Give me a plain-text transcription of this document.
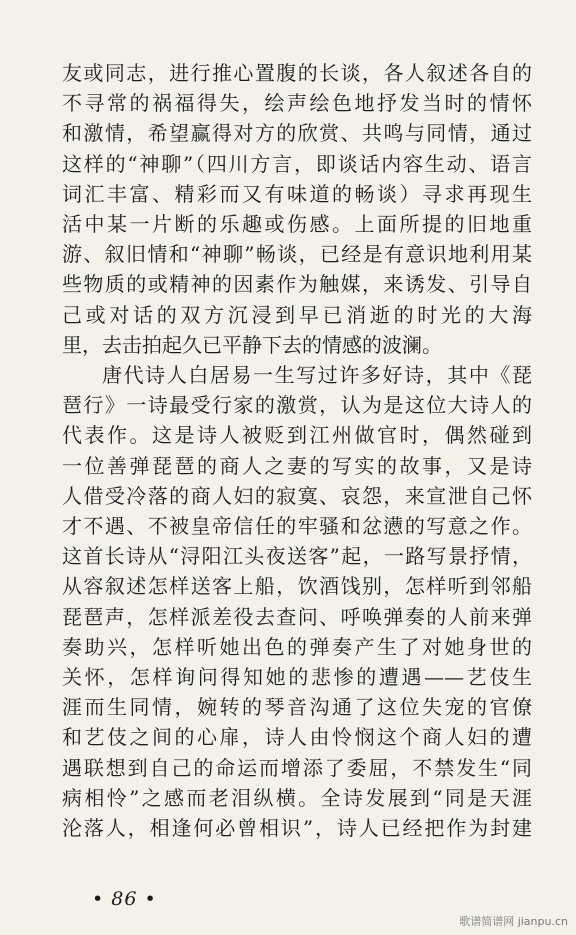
友或同志，进行推心置腹的长谈，各人叙述各自的
不寻常的祸福得失，绘声绘色地抒发当时的情怀
和激情，希望赢得对方的欣赏、共鸣与同情，通过
这样的“神聊”（四川方言，即谈话内容生动、语言
词汇丰富、精彩而又有味道的畅谈）寻求再现生
活中某一片断的乐趣或伤感。上面所提的旧地重
游、叙旧情和“神聊”畅谈，已经是有意识地利用某
些物质的或精神的因素作为触媒，来诱发、引导自
己或对话的双方沉浸到早已消逝的时光的大海
里，去击拍起久已平静下去的情感的波澜。
唐代诗人白居易一生写过许多好诗，其中《琵
琶行》一诗最受行家的激赏，认为是这位大诗人的
代表作。这是诗人被贬到江州做官时，偶然碰到
一位善弹琵琶的商人之妻的写实的故事，又是诗
人借受冷落的商人妇的寂寞、哀怨，来宣泄自己怀
才不遇、不被皇帝信任的牢骚和忿懑的写意之作。
这首长诗从“浔阳江头夜送客”起，一路写景抒情，
从容叙述怎样送客上船，饮酒饯别，怎样听到邻船
琵琶声，怎样派差役去查问、呼唤弹奏的人前来弹
奏助兴，怎样听她出色的弹奏产生了对她身世的
关怀，怎样询问得知她的悲惨的遭遇——艺伎生
涯而生同情，婉转的琴音沟通了这位失宠的官僚
和艺伎之间的心扉，诗人由怜悯这个商人妇的遭
遇联想到自己的命运而增添了委屈，不禁发生“同
病相怜”之感而老泪纵横。全诗发展到“同是天涯
沦落人，相逢何必曾相识”，诗人已经把作为封建
• 86 •
歌谱简谱网 jianpu.cn
